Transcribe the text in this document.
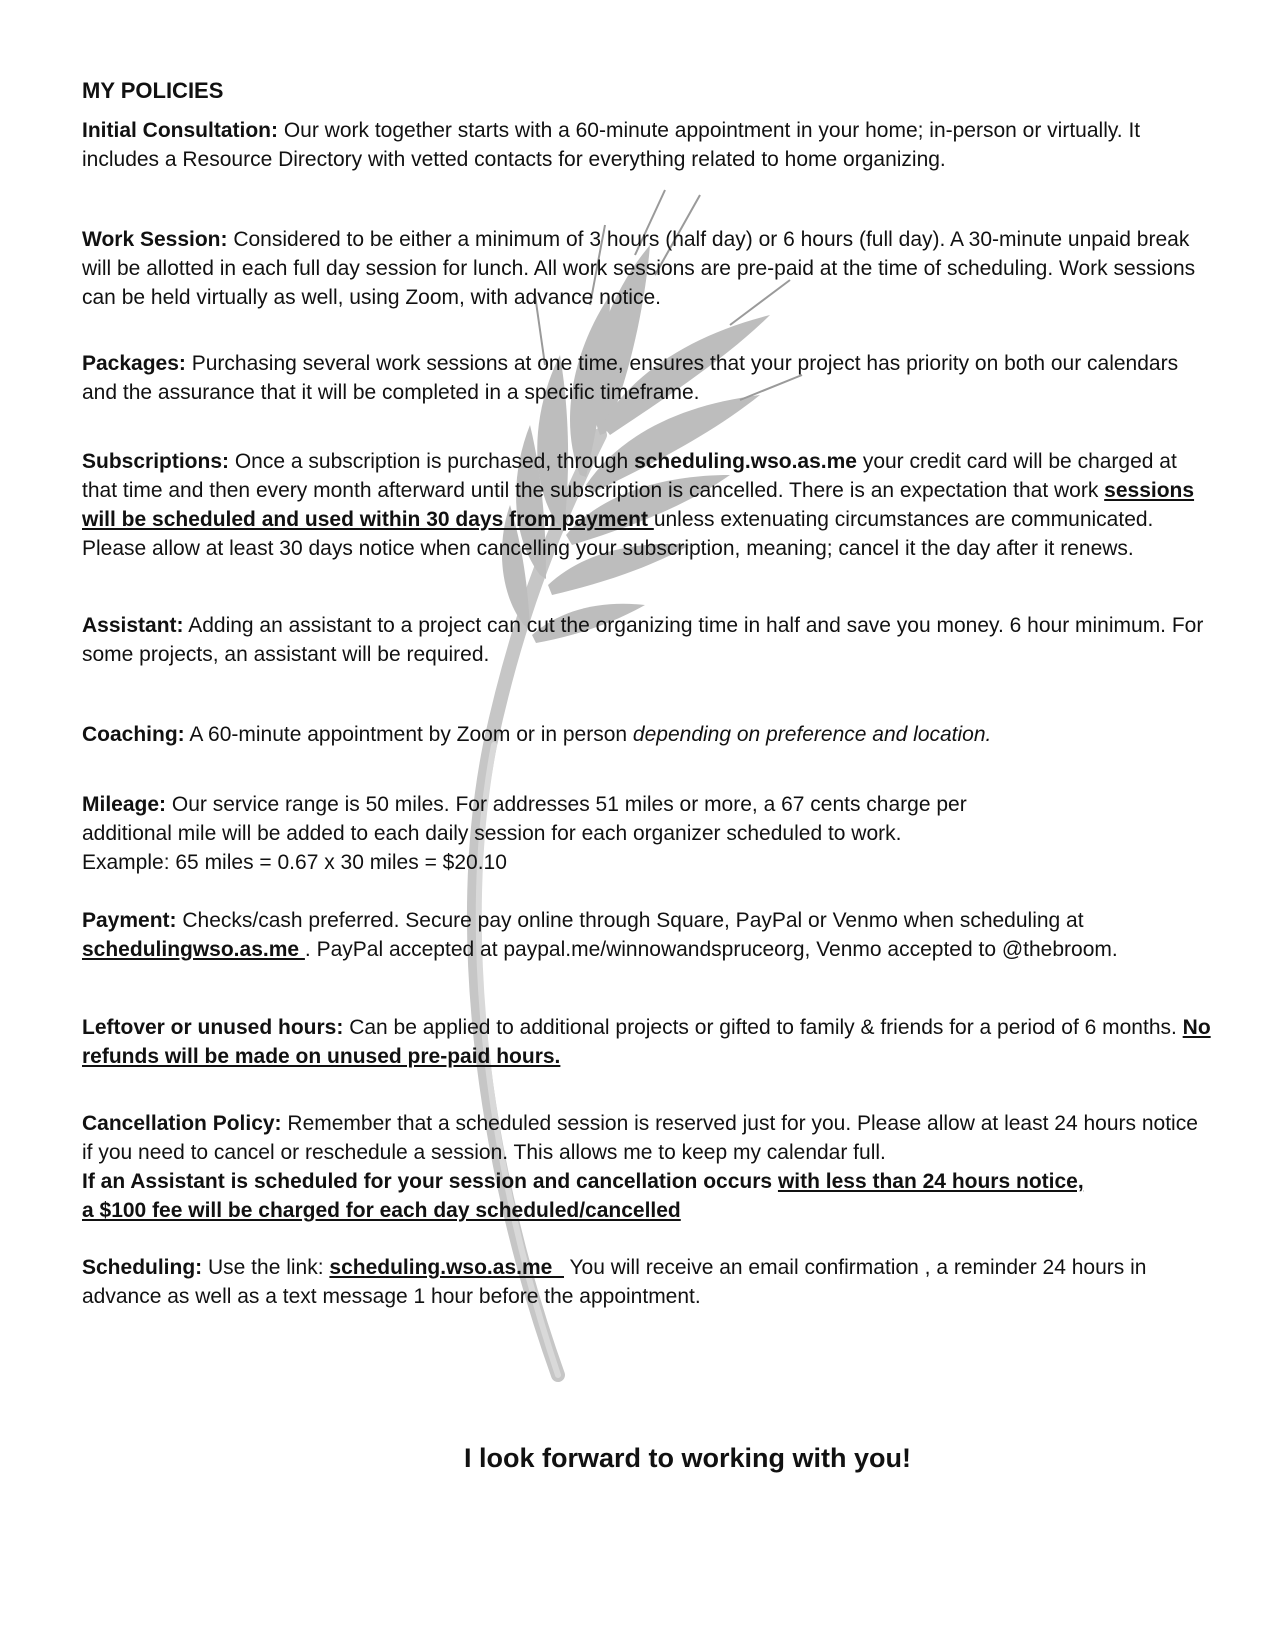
MY POLICIES

Initial Consultation: Our work together starts with a 60-minute appointment in your home; in-person or virtually. It includes a Resource Directory with vetted contacts for everything related to home organizing.

Work Session: Considered to be either a minimum of 3 hours (half day) or 6 hours (full day). A 30-minute unpaid break will be allotted in each full day session for lunch. All work sessions are pre-paid at the time of scheduling. Work sessions can be held virtually as well, using Zoom, with advance notice.

Packages: Purchasing several work sessions at one time, ensures that your project has priority on both our calendars and the assurance that it will be completed in a specific timeframe.

Subscriptions: Once a subscription is purchased, through scheduling.wso.as.me your credit card will be charged at that time and then every month afterward until the subscription is cancelled. There is an expectation that work sessions will be scheduled and used within 30 days from payment unless extenuating circumstances are communicated. Please allow at least 30 days notice when cancelling your subscription, meaning; cancel it the day after it renews.

Assistant: Adding an assistant to a project can cut the organizing time in half and save you money. 6 hour minimum. For some projects, an assistant will be required.

Coaching: A 60-minute appointment by Zoom or in person depending on preference and location.

Mileage: Our service range is 50 miles. For addresses 51 miles or more, a 67 cents charge per
additional mile will be added to each daily session for each organizer scheduled to work.
Example: 65 miles = 0.67 x 30 miles = $20.10

Payment: Checks/cash preferred. Secure pay online through Square, PayPal or Venmo when scheduling at schedulingwso.as.me . PayPal accepted at paypal.me/winnowandspruceorg, Venmo accepted to @thebroom.

Leftover or unused hours: Can be applied to additional projects or gifted to family & friends for a period of 6 months. No refunds will be made on unused pre-paid hours.

Cancellation Policy: Remember that a scheduled session is reserved just for you. Please allow at least 24 hours notice if you need to cancel or reschedule a session. This allows me to keep my calendar full.
If an Assistant is scheduled for your session and cancellation occurs with less than 24 hours notice,
a $100 fee will be charged for each day scheduled/cancelled

Scheduling: Use the link: scheduling.wso.as.me   You will receive an email confirmation , a reminder 24 hours in advance as well as a text message 1 hour before the appointment.

I look forward to working with you!
